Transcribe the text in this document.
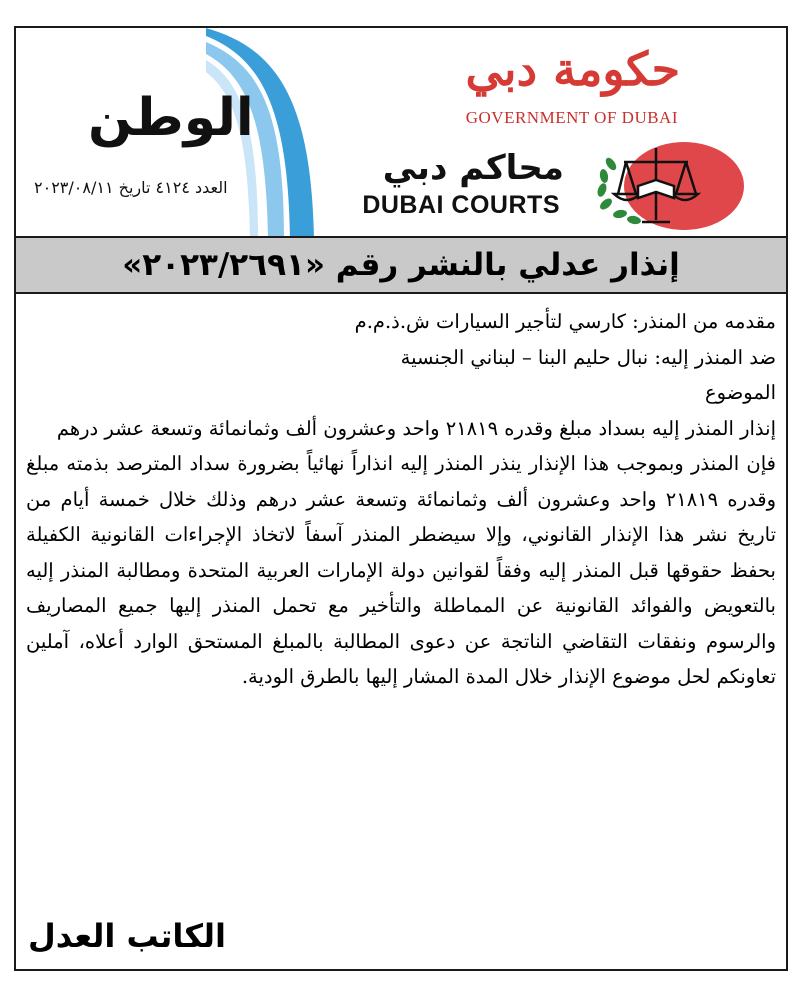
الوطن
العدد ٤١٢٤ تاريخ ٢٠٢٣/٠٨/١١
حكومة دبي
GOVERNMENT OF DUBAI
محاكم دبي
DUBAI COURTS
إنذار عدلي بالنشر رقم «٢٠٢٣/٢٦٩١»

مقدمه من المنذر: كارسي لتأجير السيارات ش.ذ.م.م

ضد المنذر إليه: نبال حليم البنا – لبناني الجنسية

الموضوع

إنذار المنذر إليه بسداد مبلغ وقدره ٢١٨١٩ واحد وعشرون ألف وثمانمائة وتسعة عشر درهم

فإن المنذر وبموجب هذا الإنذار ينذر المنذر إليه انذاراً نهائياً بضرورة سداد المترصد بذمته مبلغ وقدره ٢١٨١٩ واحد وعشرون ألف وثمانمائة وتسعة عشر درهم وذلك خلال خمسة أيام من تاريخ نشر هذا الإنذار القانوني، وإلا سيضطر المنذر آسفاً لاتخاذ الإجراءات القانونية الكفيلة بحفظ حقوقها قبل المنذر إليه وفقاً لقوانين دولة الإمارات العربية المتحدة ومطالبة المنذر إليه بالتعويض والفوائد القانونية عن المماطلة والتأخير مع تحمل المنذر إليها جميع المصاريف والرسوم ونفقات التقاضي الناتجة عن دعوى المطالبة بالمبلغ المستحق الوارد أعلاه، آملين تعاونكم لحل موضوع الإنذار خلال المدة المشار إليها بالطرق الودية.

الكاتب العدل
